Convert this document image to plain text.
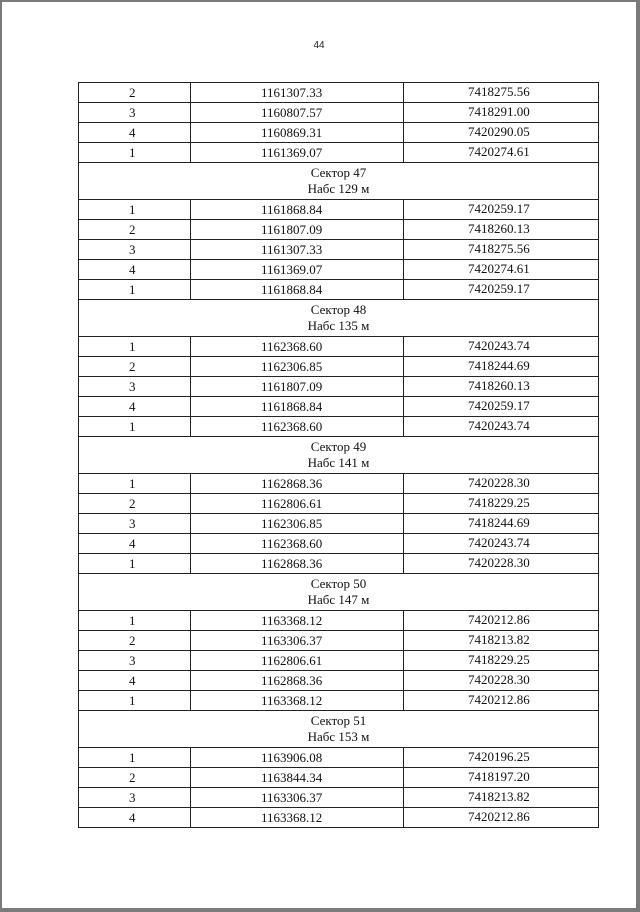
44
2	1161307.33	7418275.56
3	1160807.57	7418291.00
4	1160869.31	7420290.05
1	1161369.07	7420274.61

Сектор 47
Набс 129 м		

1	1161868.84	7420259.17
2	1161807.09	7418260.13
3	1161307.33	7418275.56
4	1161369.07	7420274.61
1	1161868.84	7420259.17

Сектор 48
Набс 135 м		

1	1162368.60	7420243.74
2	1162306.85	7418244.69
3	1161807.09	7418260.13
4	1161868.84	7420259.17
1	1162368.60	7420243.74

Сектор 49
Набс 141 м		

1	1162868.36	7420228.30
2	1162806.61	7418229.25
3	1162306.85	7418244.69
4	1162368.60	7420243.74
1	1162868.36	7420228.30

Сектор 50
Набс 147 м		

1	1163368.12	7420212.86
2	1163306.37	7418213.82
3	1162806.61	7418229.25
4	1162868.36	7420228.30
1	1163368.12	7420212.86

Сектор 51
Набс 153 м		

1	1163906.08	7420196.25
2	1163844.34	7418197.20
3	1163306.37	7418213.82
4	1163368.12	7420212.86
